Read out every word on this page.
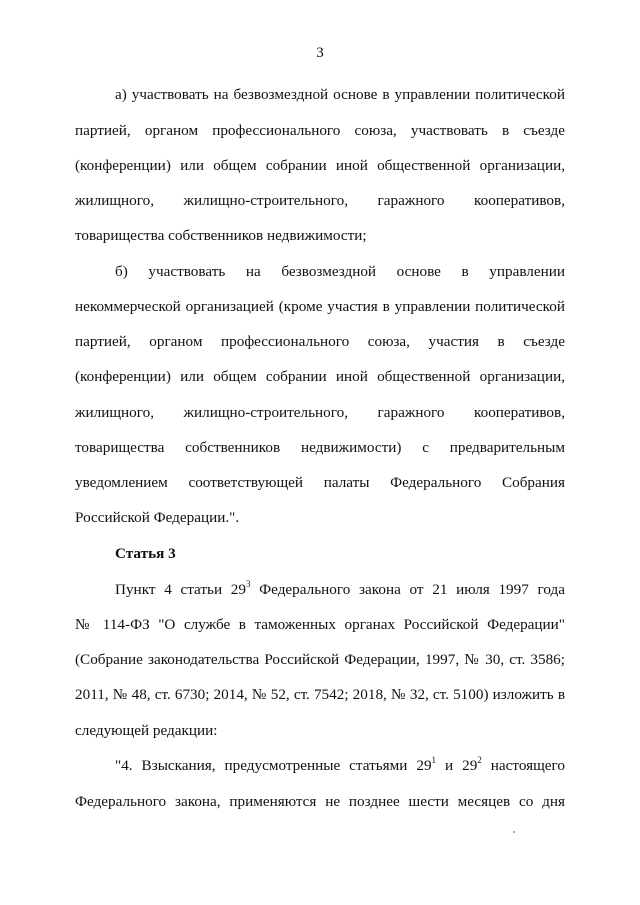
3
а) участвовать на безвозмездной основе в управлении политической
партией, органом профессионального союза, участвовать в съезде
(конференции) или общем собрании иной общественной организации,
жилищного, жилищно-строительного, гаражного кооперативов,
товарищества собственников недвижимости;
б) участвовать на безвозмездной основе в управлении
некоммерческой организацией (кроме участия в управлении политической
партией, органом профессионального союза, участия в съезде
(конференции) или общем собрании иной общественной организации,
жилищного, жилищно-строительного, гаражного кооперативов,
товарищества собственников недвижимости) с предварительным
уведомлением соответствующей палаты Федерального Собрания
Российской Федерации.".
Статья 3
Пункт 4 статьи $29^3$ Федерального закона от 21 июля 1997 года
№ 114-ФЗ "О службе в таможенных органах Российской Федерации"
(Собрание законодательства Российской Федерации, 1997, № 30, ст. 3586;
2011, № 48, ст. 6730; 2014, № 52, ст. 7542; 2018, № 32, ст. 5100) изложить в
следующей редакции:
"4. Взыскания, предусмотренные статьями $29^1$ и $29^2$ настоящего
Федерального закона, применяются не позднее шести месяцев со дня
